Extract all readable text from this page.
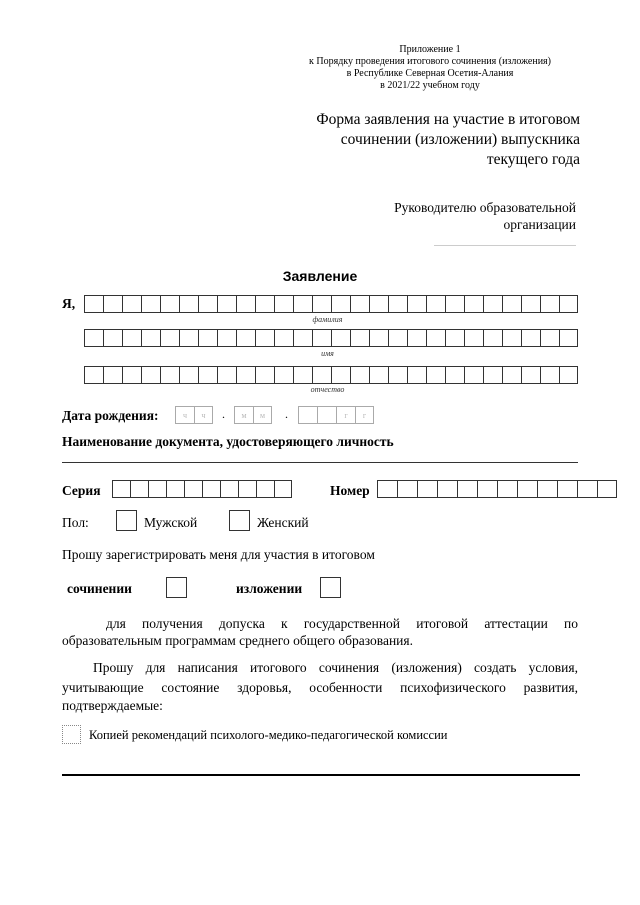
Приложение 1
к Порядку проведения итогового сочинения (изложения)
в Республике Северная Осетия-Алания
в 2021/22 учебном году
Форма заявления на участие в итоговом
сочинении (изложении) выпускника
текущего года
Руководителю образовательной
организации
Заявление
Я,
фамилия
имя
отчество
Дата рождения:	ч	ч	.	м	м	.	г	г
Наименование документа, удостоверяющего личность
Серия	Номер
Пол:	Мужской	Женский
Прошу зарегистрировать меня для участия в итоговом
сочинении	изложении
для получения допуска к государственной итоговой аттестации по
образовательным программам среднего общего образования.
Прошу для написания итогового сочинения (изложения) создать условия,
учитывающие состояние здоровья, особенности психофизического развития,
подтверждаемые:
Копией рекомендаций психолого-медико-педагогической комиссии
